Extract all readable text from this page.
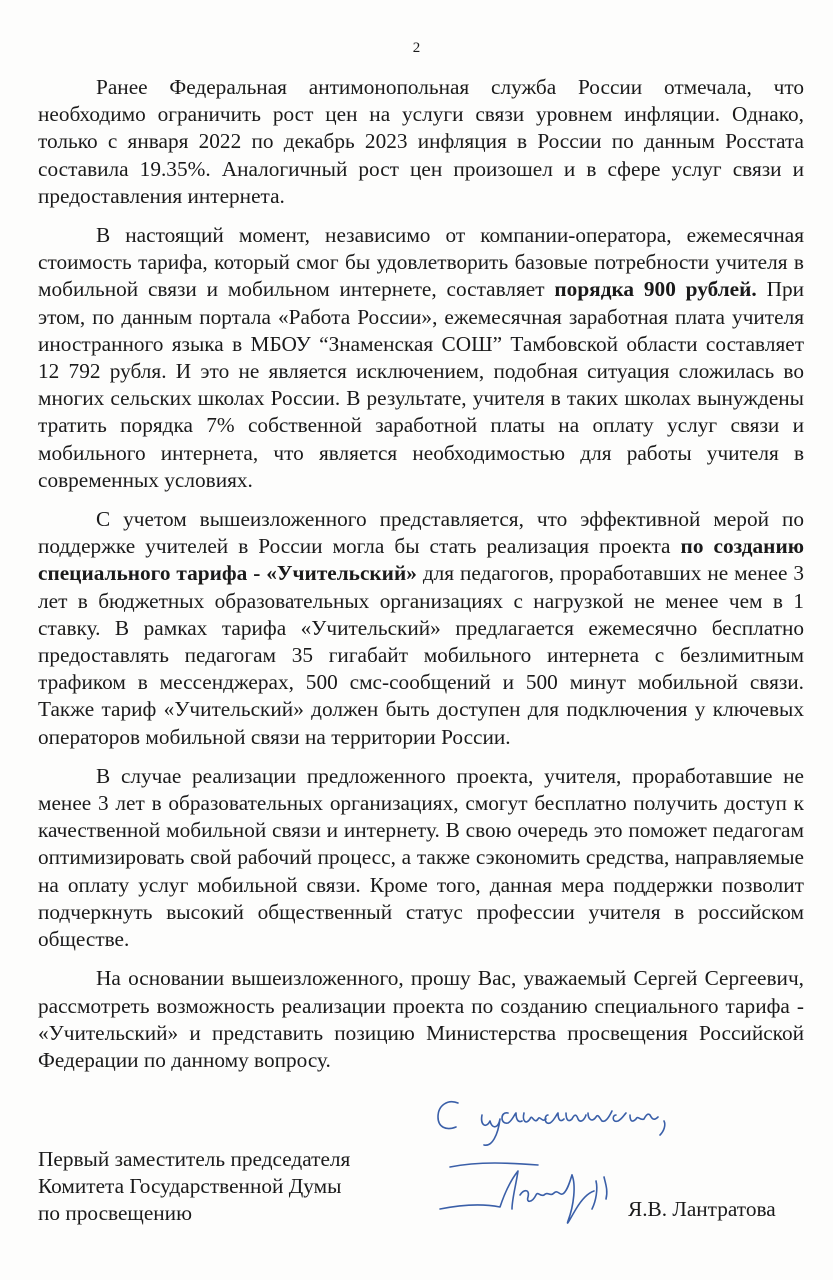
2

Ранее Федеральная антимонопольная служба России отмечала, что необходимо ограничить рост цен на услуги связи уровнем инфляции. Однако, только с января 2022 по декабрь 2023 инфляция в России по данным Росстата составила 19.35%. Аналогичный рост цен произошел и в сфере услуг связи и предоставления интернета.

В настоящий момент, независимо от компании-оператора, ежемесячная стоимость тарифа, который смог бы удовлетворить базовые потребности учителя в мобильной связи и мобильном интернете, составляет порядка 900 рублей. При этом, по данным портала «Работа России», ежемесячная заработная плата учителя иностранного языка в МБОУ “Знаменская СОШ” Тамбовской области составляет 12 792 рубля. И это не является исключением, подобная ситуация сложилась во многих сельских школах России. В результате, учителя в таких школах вынуждены тратить порядка 7% собственной заработной платы на оплату услуг связи и мобильного интернета, что является необходимостью для работы учителя в современных условиях.

С учетом вышеизложенного представляется, что эффективной мерой по поддержке учителей в России могла бы стать реализация проекта по созданию специального тарифа - «Учительский» для педагогов, проработавших не менее 3 лет в бюджетных образовательных организациях с нагрузкой не менее чем в 1 ставку. В рамках тарифа «Учительский» предлагается ежемесячно бесплатно предоставлять педагогам 35 гигабайт мобильного интернета с безлимитным трафиком в мессенджерах, 500 смс-сообщений и 500 минут мобильной связи. Также тариф «Учительский» должен быть доступен для подключения у ключевых операторов мобильной связи на территории России.

В случае реализации предложенного проекта, учителя, проработавшие не менее 3 лет в образовательных организациях, смогут бесплатно получить доступ к качественной мобильной связи и интернету. В свою очередь это поможет педагогам оптимизировать свой рабочий процесс, а также сэкономить средства, направляемые на оплату услуг мобильной связи. Кроме того, данная мера поддержки позволит подчеркнуть высокий общественный статус профессии учителя в российском обществе.

На основании вышеизложенного, прошу Вас, уважаемый Сергей Сергеевич, рассмотреть возможность реализации проекта по созданию специального тарифа - «Учительский» и представить позицию Министерства просвещения Российской Федерации по данному вопросу.

Первый заместитель председателя
Комитета Государственной Думы
по просвещению	Я.В. Лантратова
